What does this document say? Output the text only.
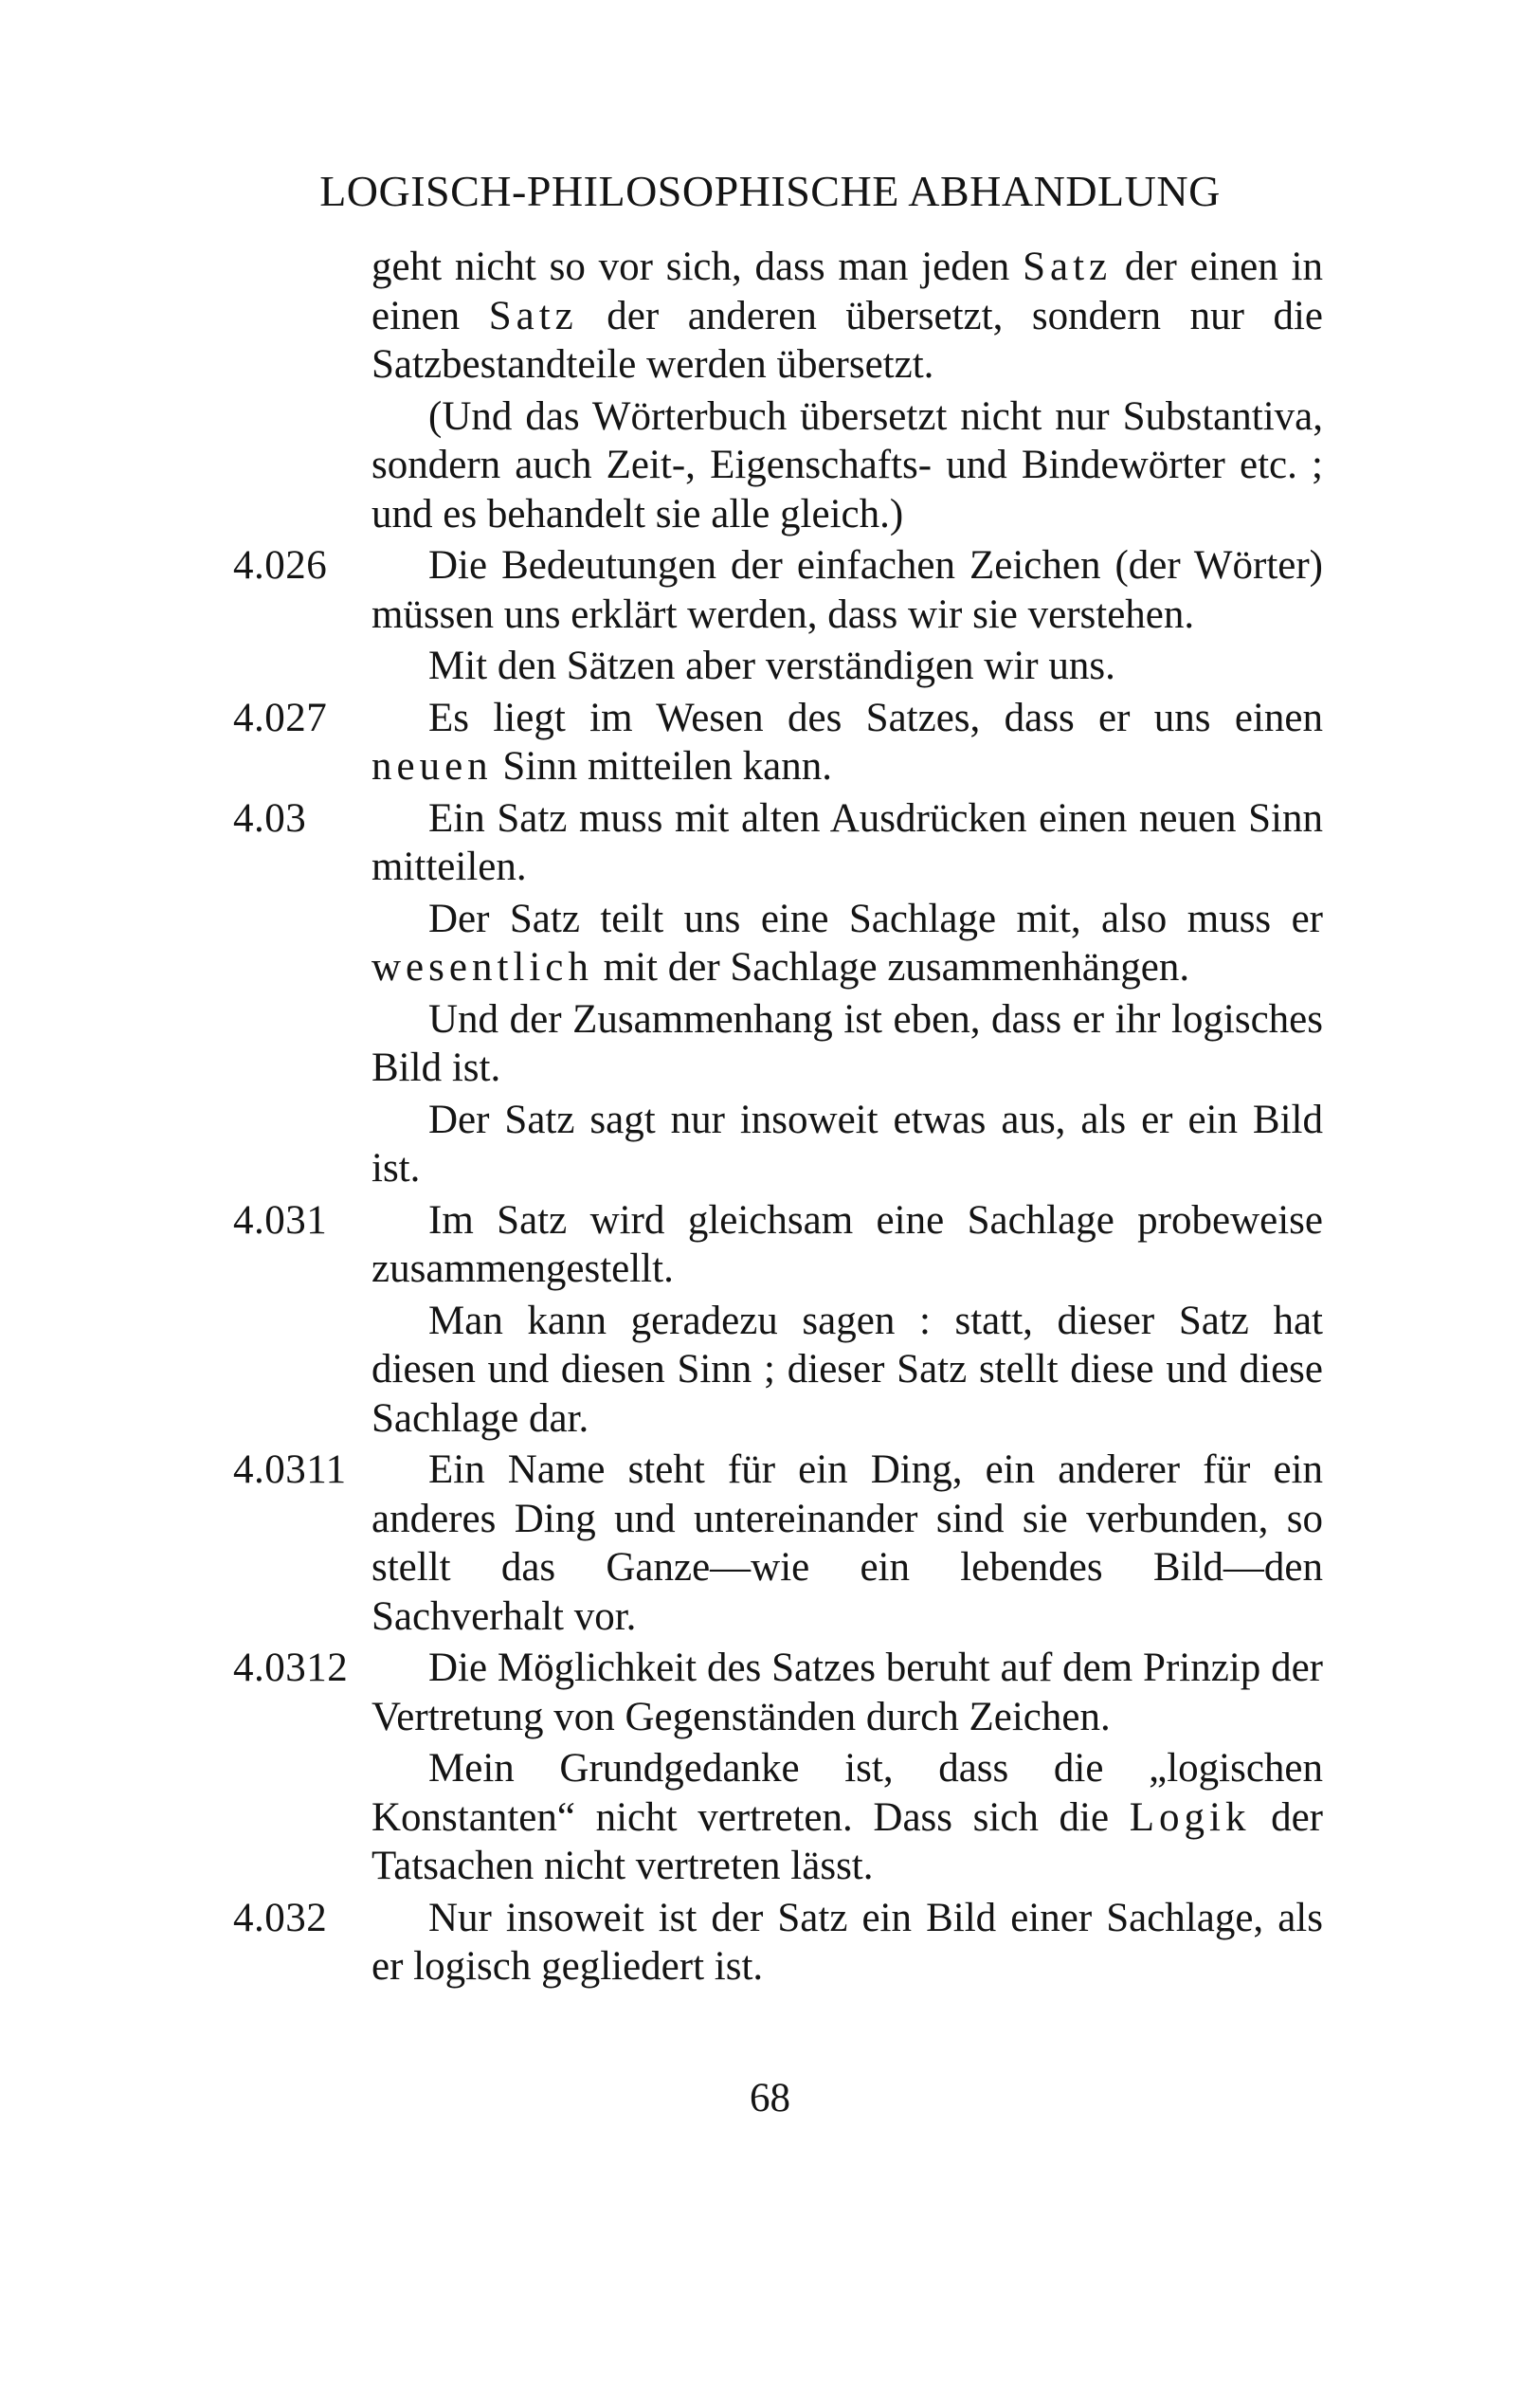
LOGISCH-PHILOSOPHISCHE ABHANDLUNG

geht nicht so vor sich, dass man jeden Satz der einen in einen Satz der anderen übersetzt, sondern nur die Satzbestandteile werden übersetzt.

(Und das Wörterbuch übersetzt nicht nur Substantiva, sondern auch Zeit-, Eigenschafts- und Bindewörter etc. ; und es behandelt sie alle gleich.)

4.026 Die Bedeutungen der einfachen Zeichen (der Wörter) müssen uns erklärt werden, dass wir sie verstehen.

Mit den Sätzen aber verständigen wir uns.

4.027 Es liegt im Wesen des Satzes, dass er uns einen neuen Sinn mitteilen kann.

4.03	Ein Satz muss mit alten Ausdrücken einen neuen Sinn mitteilen.

Der Satz teilt uns eine Sachlage mit, also muss er wesentlich mit der Sachlage zusammenhängen.

Und der Zusammenhang ist eben, dass er ihr logisches Bild ist.

Der Satz sagt nur insoweit etwas aus, als er ein Bild ist.

4.031 Im Satz wird gleichsam eine Sachlage probeweise zusammengestellt.

Man kann geradezu sagen : statt, dieser Satz hat diesen und diesen Sinn ; dieser Satz stellt diese und diese Sachlage dar.

4.0311 Ein Name steht für ein Ding, ein anderer für ein anderes Ding und untereinander sind sie verbunden, so stellt das Ganze—wie ein lebendes Bild—den Sachverhalt vor.

4.0312 Die Möglichkeit des Satzes beruht auf dem Prinzip der Vertretung von Gegenständen durch Zeichen.

Mein Grundgedanke ist, dass die „logischen Konstanten“ nicht vertreten. Dass sich die Logik der Tatsachen nicht vertreten lässt.

4.032 Nur insoweit ist der Satz ein Bild einer Sachlage, als er logisch gegliedert ist.

68
